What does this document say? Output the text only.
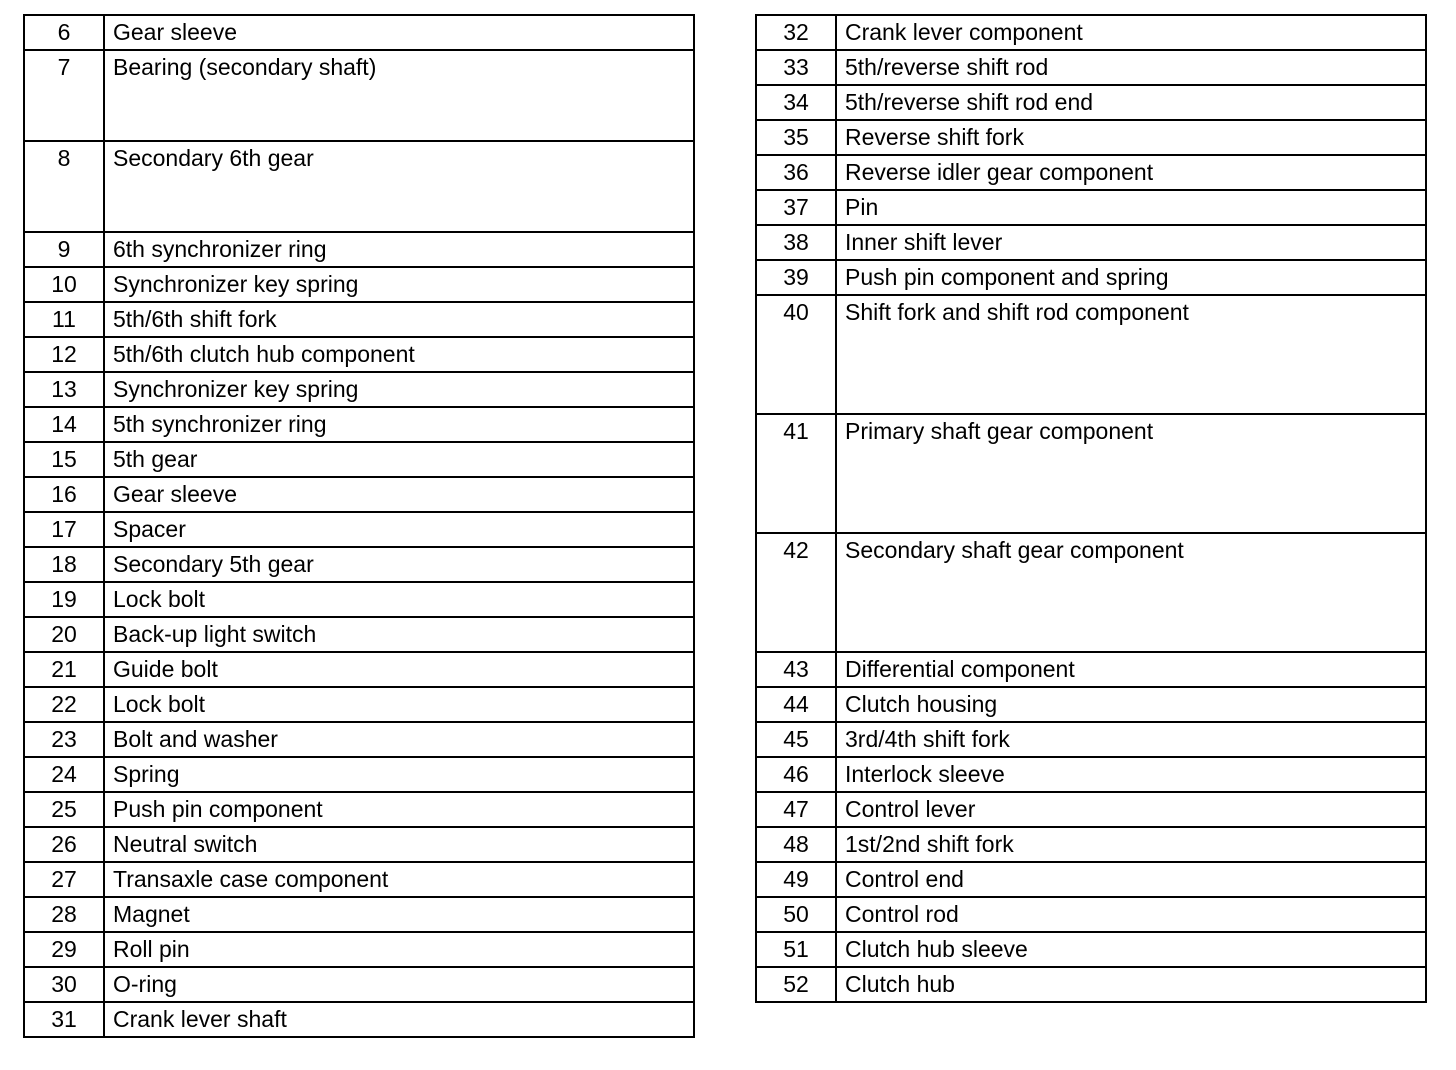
6	Gear sleeve
7	Bearing (secondary shaft)
8	Secondary 6th gear
9	6th synchronizer ring
10	Synchronizer key spring
11	5th/6th shift fork
12	5th/6th clutch hub component
13	Synchronizer key spring
14	5th synchronizer ring
15	5th gear
16	Gear sleeve
17	Spacer
18	Secondary 5th gear
19	Lock bolt
20	Back-up light switch
21	Guide bolt
22	Lock bolt
23	Bolt and washer
24	Spring
25	Push pin component
26	Neutral switch
27	Transaxle case component
28	Magnet
29	Roll pin
30	O-ring
31	Crank lever shaft
32	Crank lever component
33	5th/reverse shift rod
34	5th/reverse shift rod end
35	Reverse shift fork
36	Reverse idler gear component
37	Pin
38	Inner shift lever
39	Push pin component and spring
40	Shift fork and shift rod component
41	Primary shaft gear component
42	Secondary shaft gear component
43	Differential component
44	Clutch housing
45	3rd/4th shift fork
46	Interlock sleeve
47	Control lever
48	1st/2nd shift fork
49	Control end
50	Control rod
51	Clutch hub sleeve
52	Clutch hub
